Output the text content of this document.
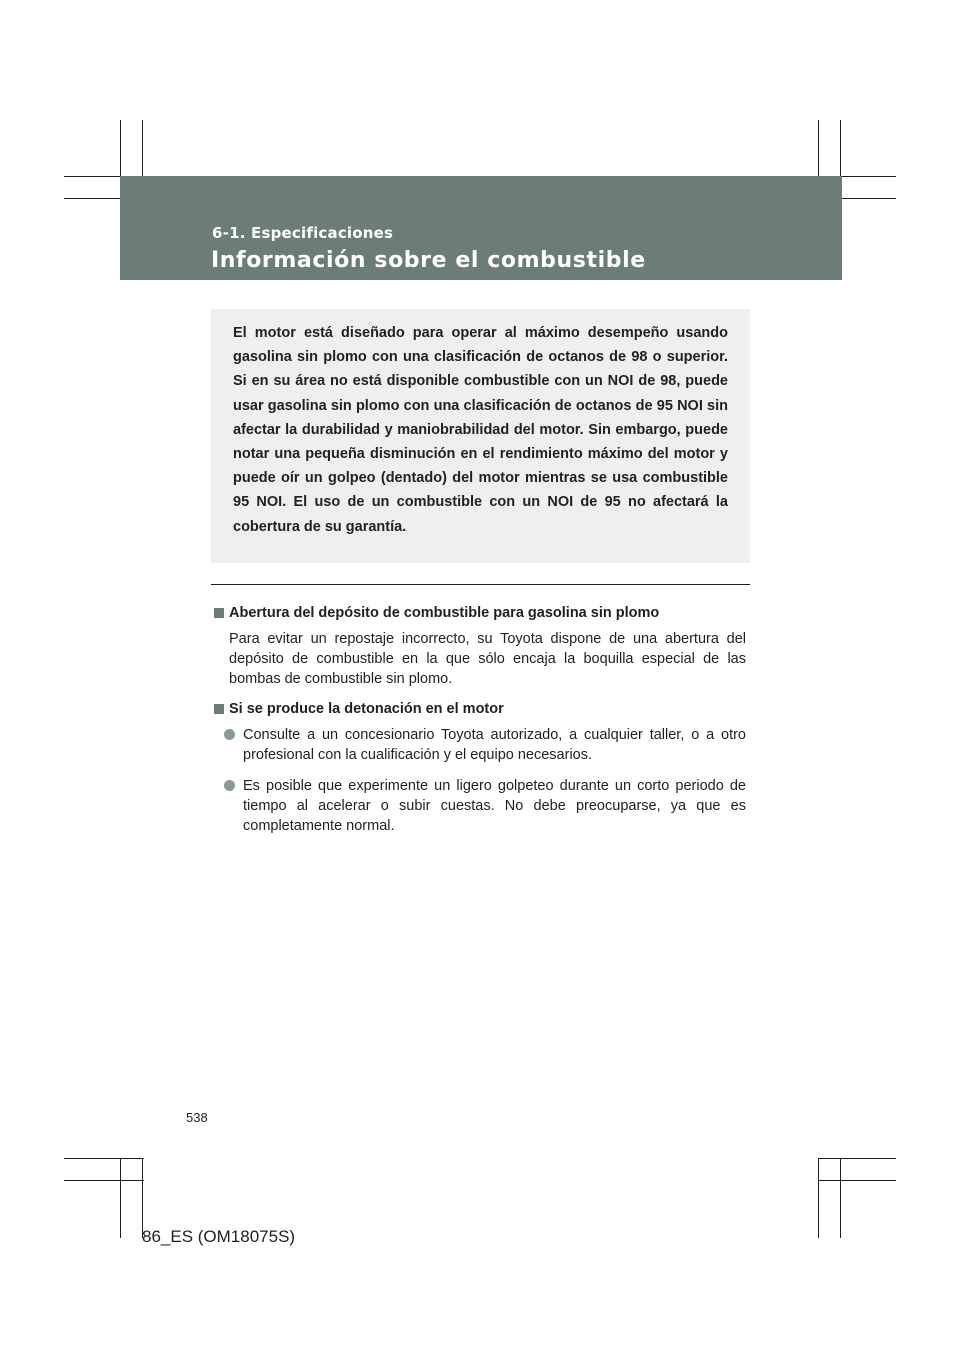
6-1. Especificaciones

Información sobre el combustible

El motor está diseñado para operar al máximo desempeño usando gasolina sin plomo con una clasificación de octanos de 98 o superior. Si en su área no está disponible combustible con un NOI de 98, puede usar gasolina sin plomo con una clasificación de octanos de 95 NOI sin afectar la durabilidad y maniobrabilidad del motor. Sin embargo, puede notar una pequeña disminución en el rendimiento máximo del motor y puede oír un golpeo (dentado) del motor mientras se usa combustible 95 NOI. El uso de un combustible con un NOI de 95 no afectará la cobertura de su garantía.

Abertura del depósito de combustible para gasolina sin plomo

Para evitar un repostaje incorrecto, su Toyota dispone de una abertura del depósito de combustible en la que sólo encaja la boquilla especial de las bombas de combustible sin plomo.

Si se produce la detonación en el motor
Consulte a un concesionario Toyota autorizado, a cualquier taller, o a otro profesional con la cualificación y el equipo necesarios.
Es posible que experimente un ligero golpeteo durante un corto periodo de tiempo al acelerar o subir cuestas. No debe preocuparse, ya que es completamente normal.

538

86_ES (OM18075S)
